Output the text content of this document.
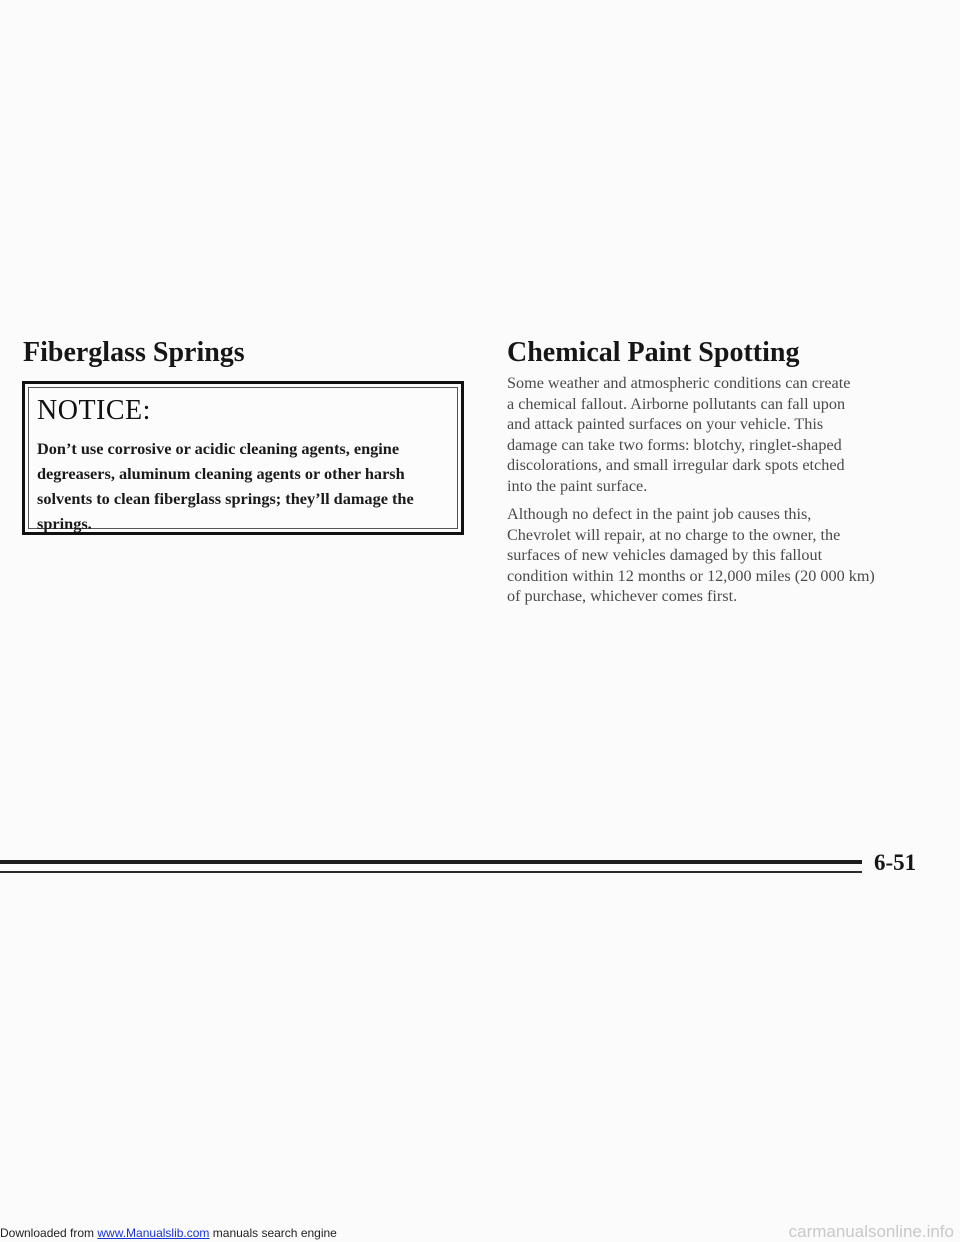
Fiberglass Springs
NOTICE:

Don’t use corrosive or acidic cleaning agents, engine degreasers, aluminum cleaning agents or other harsh solvents to clean fiberglass springs; they’ll damage the springs.

Chemical Paint Spotting

Some weather and atmospheric conditions can create
a chemical fallout. Airborne pollutants can fall upon
and attack painted surfaces on your vehicle. This
damage can take two forms: blotchy, ringlet-shaped
discolorations, and small irregular dark spots etched
into the paint surface.

Although no defect in the paint job causes this,
Chevrolet will repair, at no charge to the owner, the
surfaces of new vehicles damaged by this fallout
condition within 12 months or 12,000 miles (20 000 km)
of purchase, whichever comes first.

6-51

Downloaded from www.Manualslib.com manuals search engine	carmanualsonline.info
